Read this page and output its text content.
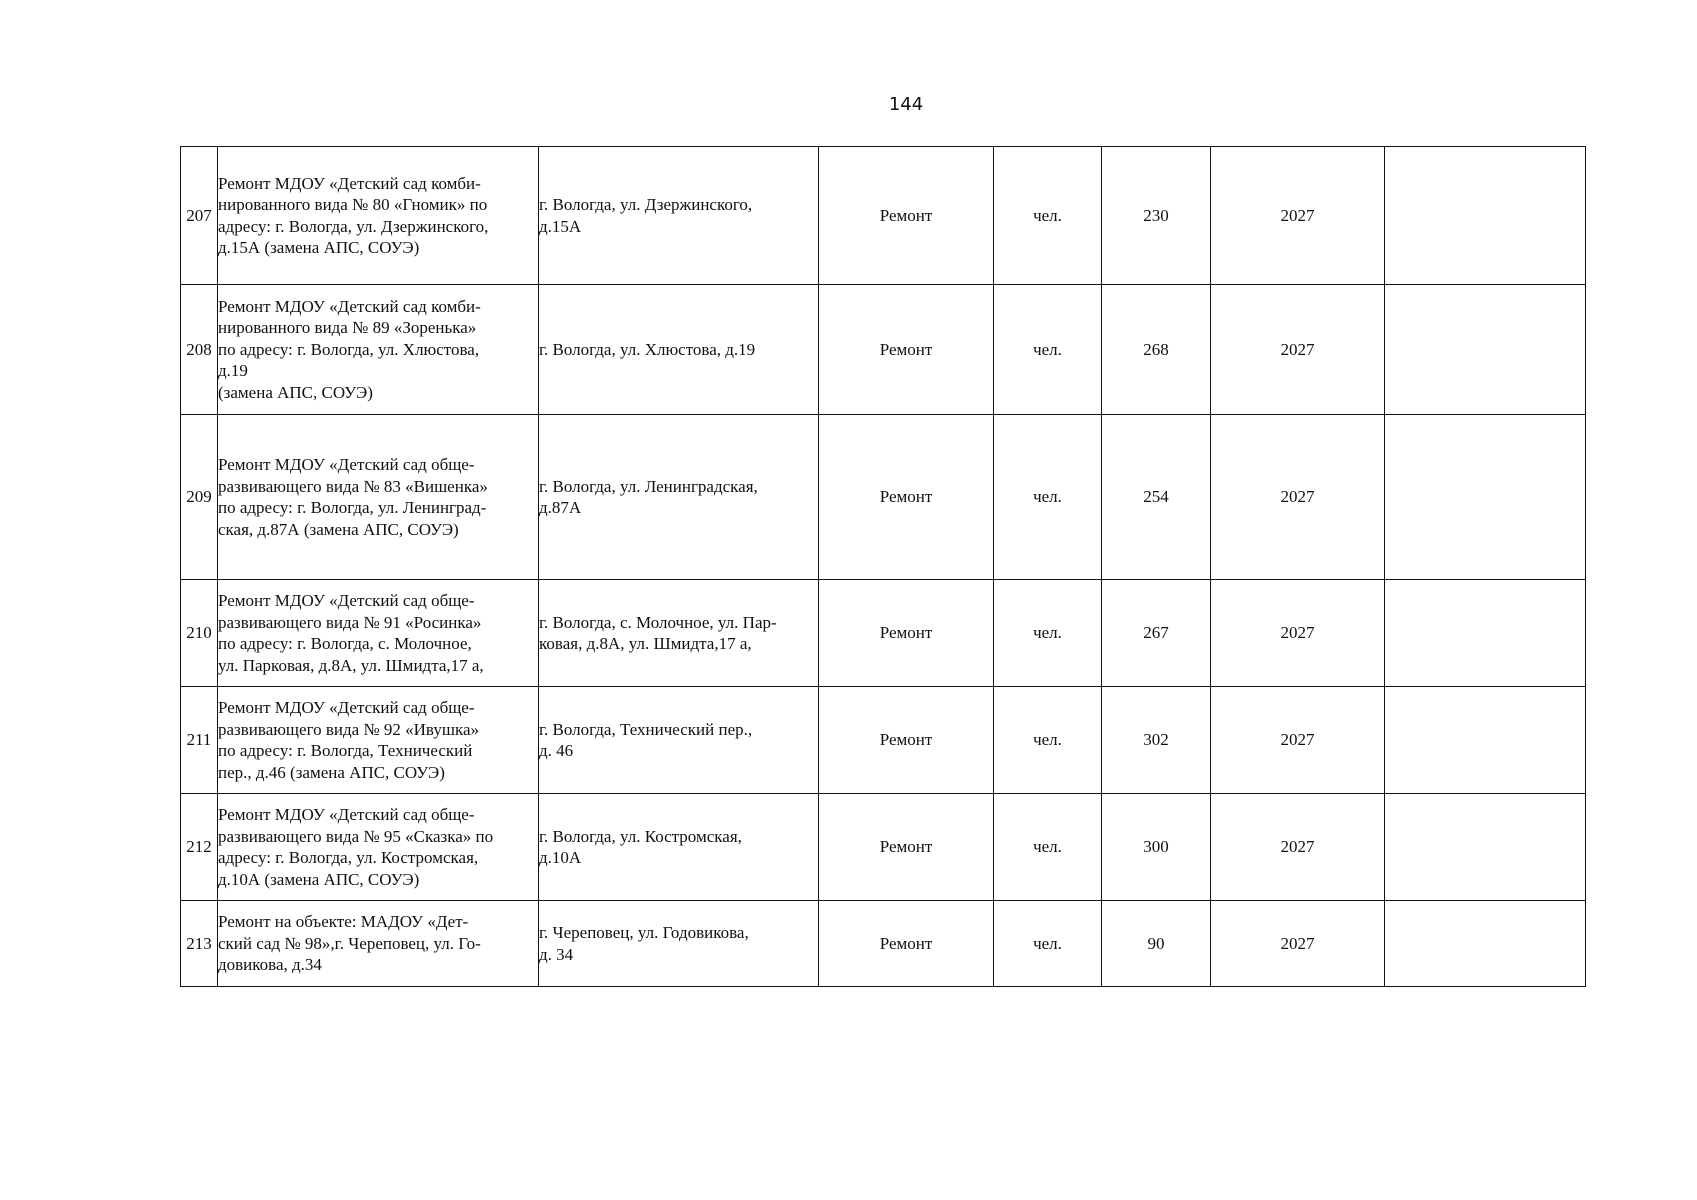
144
207	Ремонт МДОУ «Детский сад комби-
нированного вида № 80 «Гномик» по
адресу: г. Вологда, ул. Дзержинского,
д.15А (замена АПС, СОУЭ)	г. Вологда, ул. Дзержинского,
д.15А	Ремонт	чел.	230	2027	
208	Ремонт МДОУ «Детский сад комби-
нированного вида № 89 «Зоренька»
по адресу: г. Вологда, ул. Хлюстова,
д.19
(замена АПС, СОУЭ)	г. Вологда, ул. Хлюстова, д.19	Ремонт	чел.	268	2027	
209	Ремонт МДОУ «Детский сад обще-
развивающего вида № 83 «Вишенка»
по адресу: г. Вологда, ул. Ленинград-
ская, д.87А (замена АПС, СОУЭ)	г. Вологда, ул. Ленинградская,
д.87А	Ремонт	чел.	254	2027	
210	Ремонт МДОУ «Детский сад обще-
развивающего вида № 91 «Росинка»
по адресу: г. Вологда, с. Молочное,
ул. Парковая, д.8А, ул. Шмидта,17 а,	г. Вологда, с. Молочное, ул. Пар-
ковая, д.8А, ул. Шмидта,17 а,	Ремонт	чел.	267	2027	
211	Ремонт МДОУ «Детский сад обще-
развивающего вида № 92 «Ивушка»
по адресу: г. Вологда, Технический
пер., д.46 (замена АПС, СОУЭ)	г. Вологда, Технический пер.,
д. 46	Ремонт	чел.	302	2027	
212	Ремонт МДОУ «Детский сад обще-
развивающего вида № 95 «Сказка» по
адресу: г. Вологда, ул. Костромская,
д.10А (замена АПС, СОУЭ)	г. Вологда, ул. Костромская,
д.10А	Ремонт	чел.	300	2027	
213	Ремонт на объекте: МАДОУ «Дет-
ский сад № 98»,г. Череповец, ул. Го-
довикова, д.34	г. Череповец, ул. Годовикова,
д. 34	Ремонт	чел.	90	2027	
